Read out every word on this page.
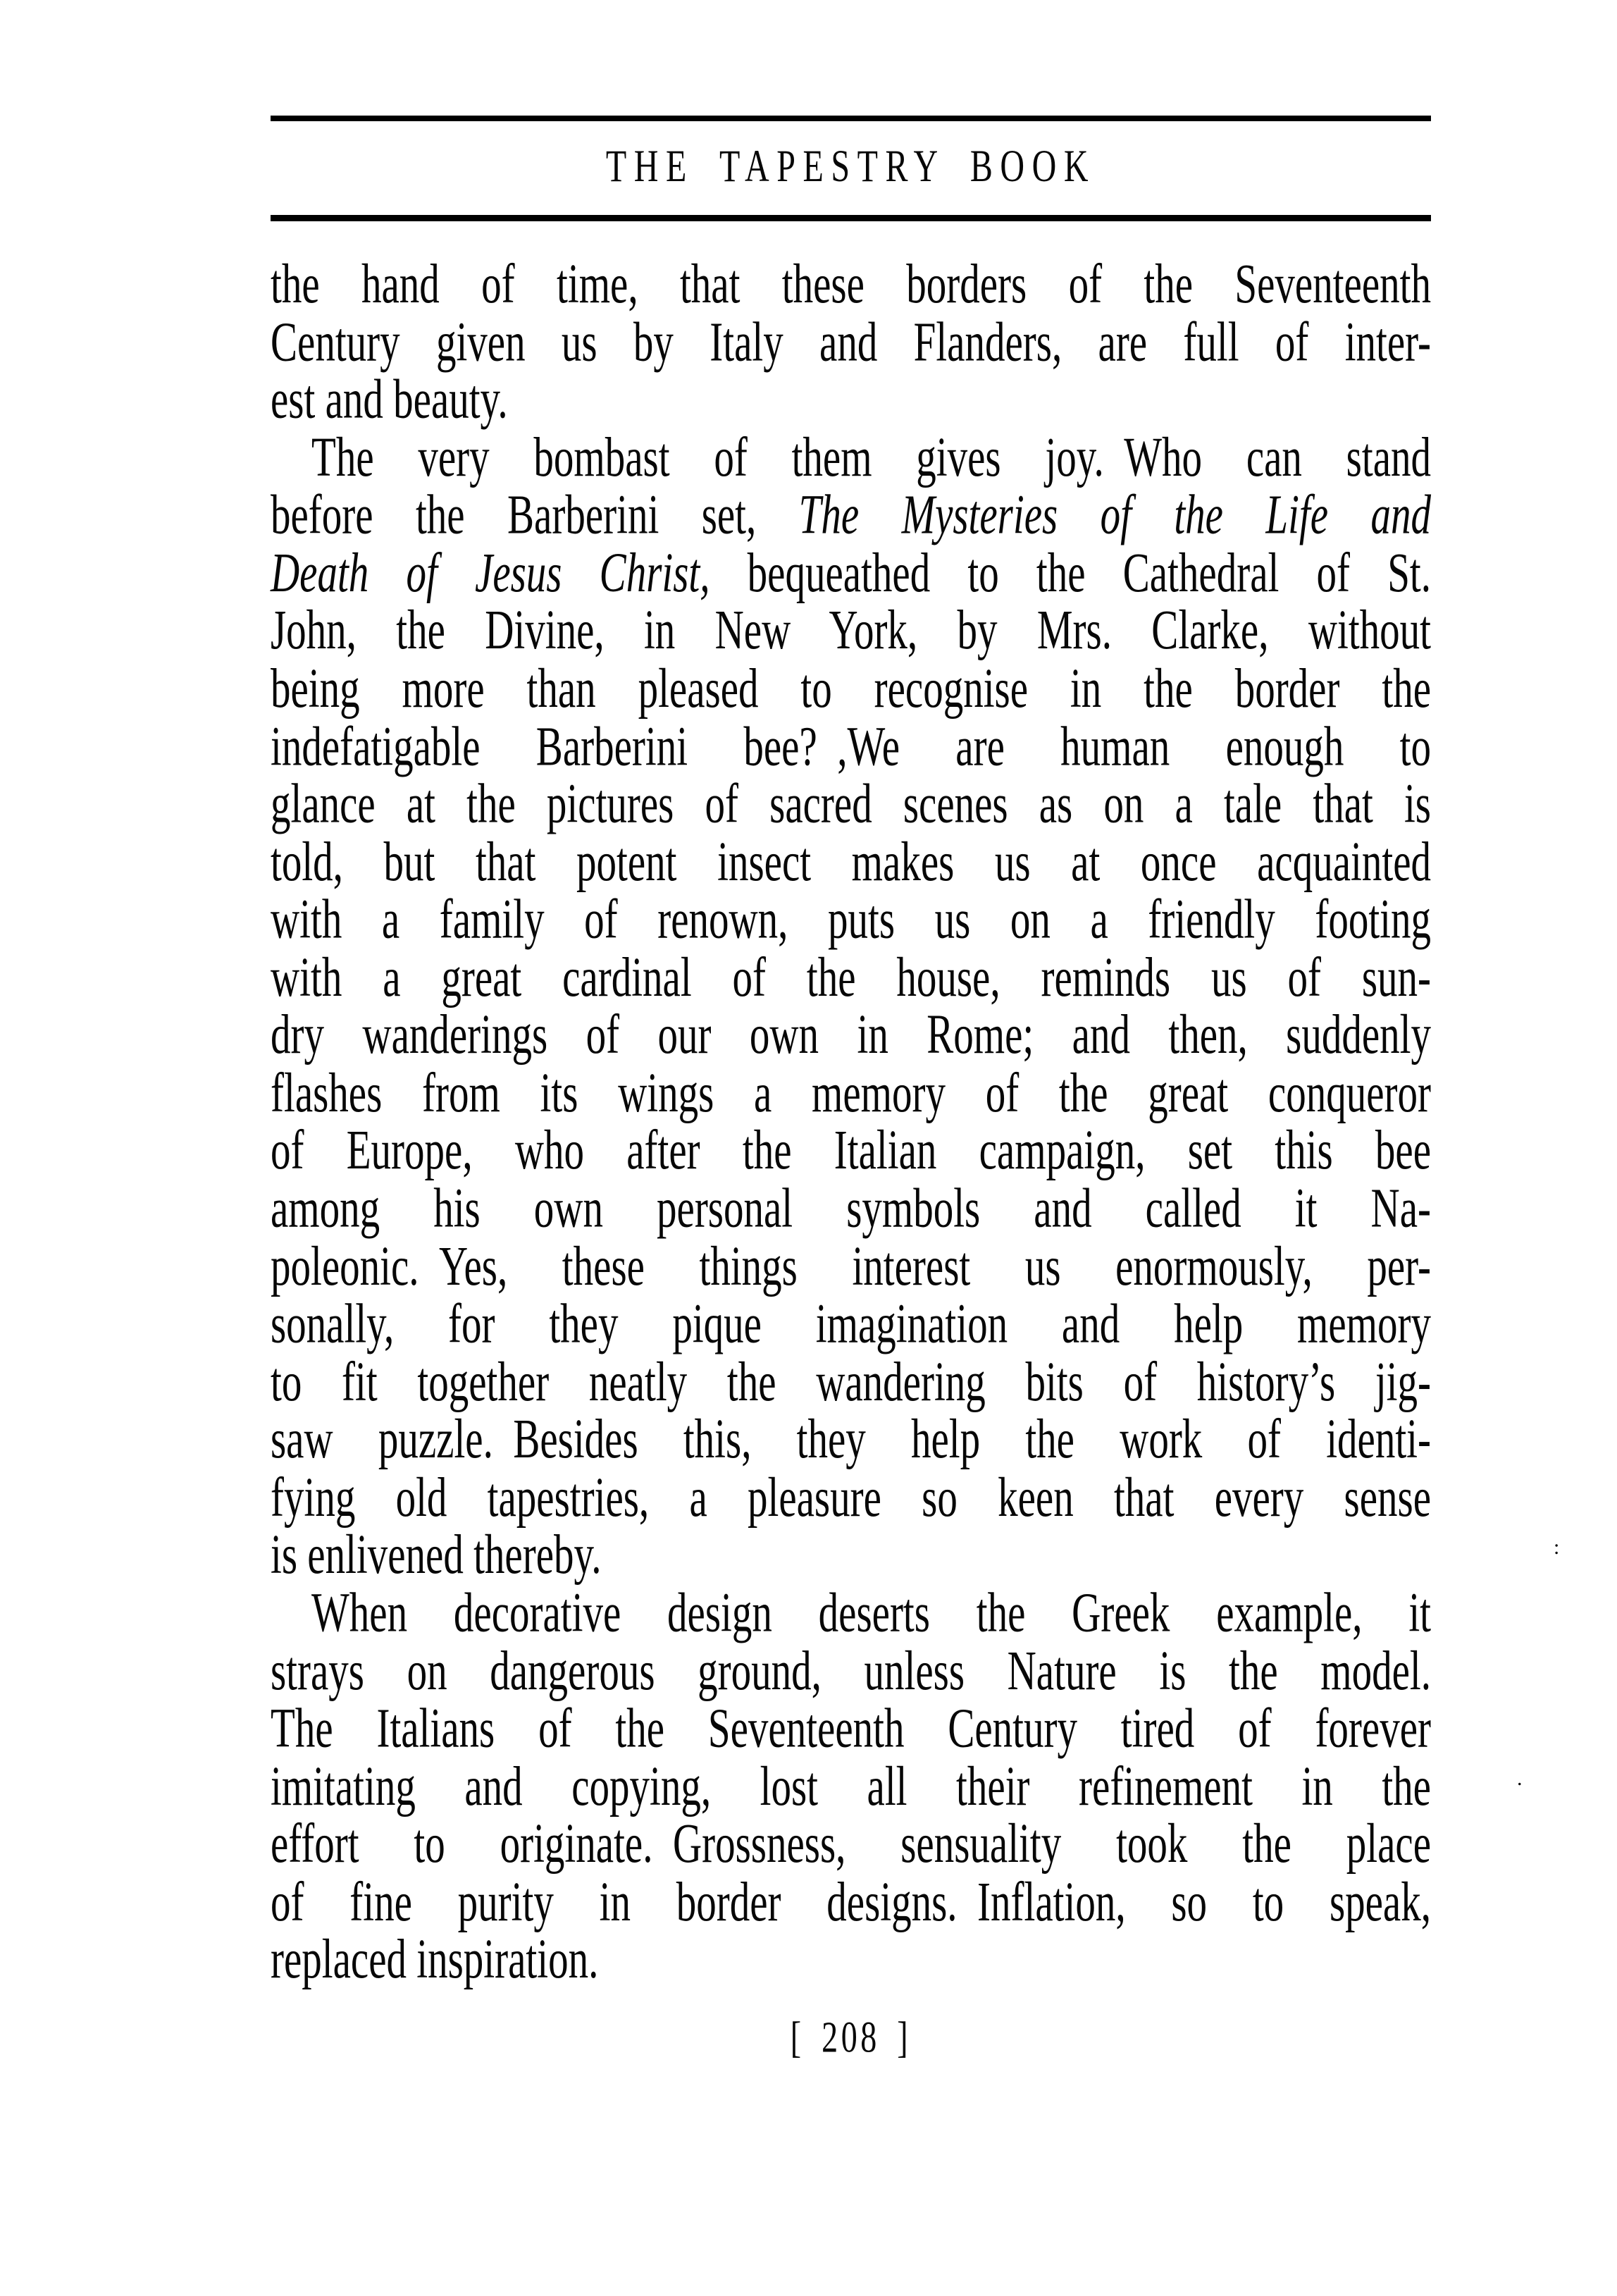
THE TAPESTRY BOOK
the hand of time, that these borders of the Seventeenth
Century given us by Italy and Flanders, are full of inter-
est and beauty.
The very bombast of them gives joy. Who can stand
before the Barberini set, The Mysteries of the Life and
Death of Jesus Christ, bequeathed to the Cathedral of St.
John, the Divine, in New York, by Mrs. Clarke, without
being more than pleased to recognise in the border the
indefatigable Barberini bee? ,We are human enough to
glance at the pictures of sacred scenes as on a tale that is
told, but that potent insect makes us at once acquainted
with a family of renown, puts us on a friendly footing
with a great cardinal of the house, reminds us of sun-
dry wanderings of our own in Rome; and then, suddenly
flashes from its wings a memory of the great conqueror
of Europe, who after the Italian campaign, set this bee
among his own personal symbols and called it Na-
poleonic. Yes, these things interest us enormously, per-
sonally, for they pique imagination and help memory
to fit together neatly the wandering bits of history’s jig-
saw puzzle. Besides this, they help the work of identi-
fying old tapestries, a pleasure so keen that every sense
is enlivened thereby.
When decorative design deserts the Greek example, it
strays on dangerous ground, unless Nature is the model.
The Italians of the Seventeenth Century tired of forever
imitating and copying, lost all their refinement in the
effort to originate. Grossness, sensuality took the place
of fine purity in border designs. Inflation, so to speak,
replaced inspiration.
[ 208 ]
:
.
